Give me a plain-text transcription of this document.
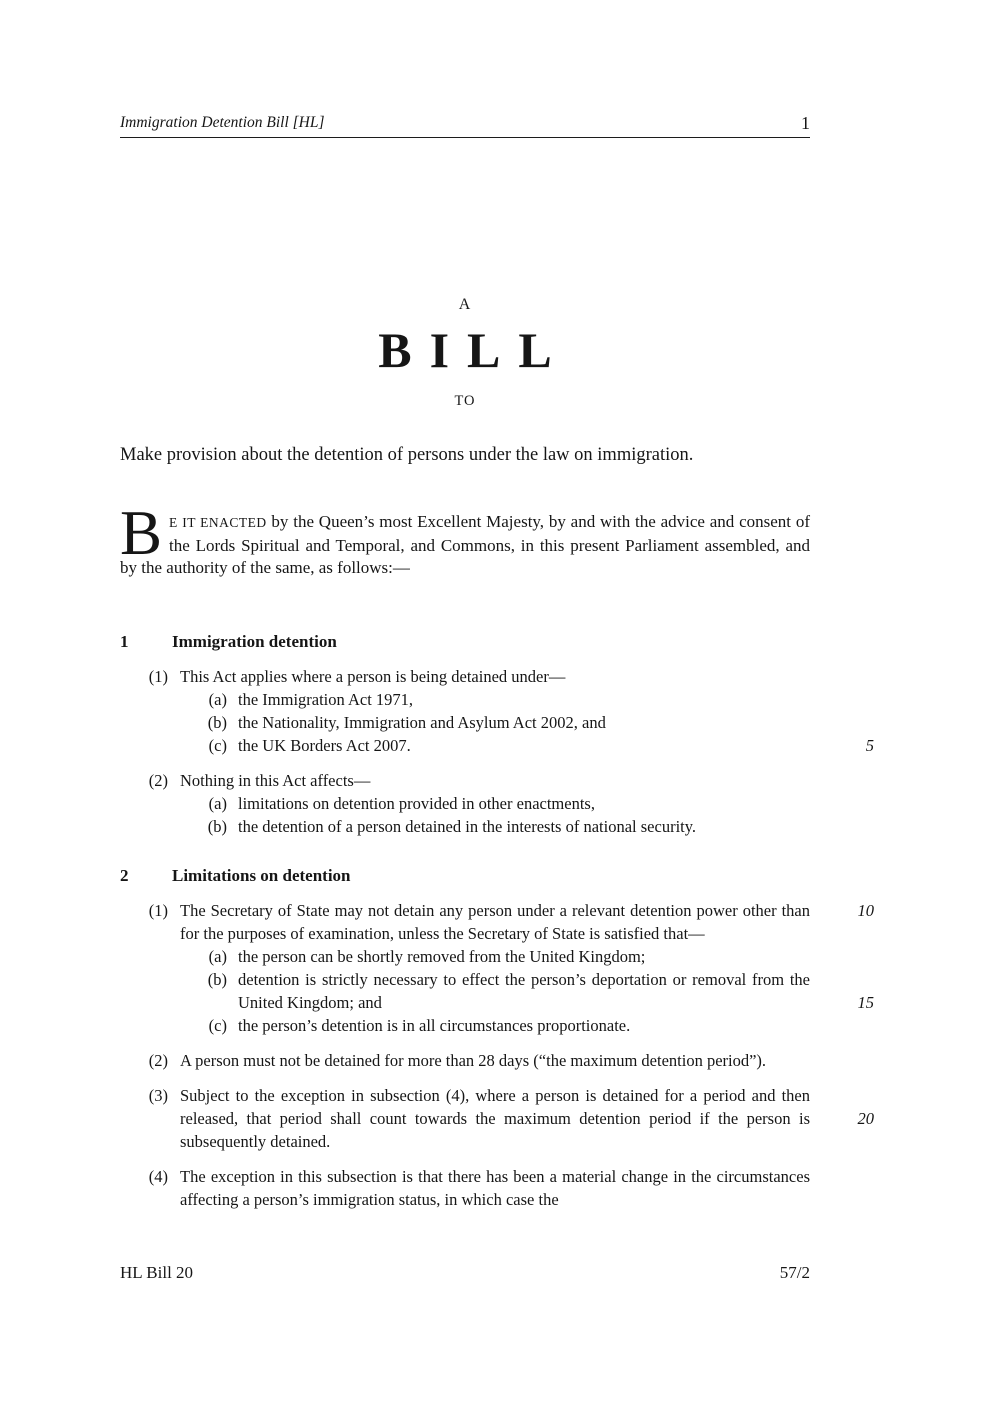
Immigration Detention Bill [HL]	1
A
BILL
TO
Make provision about the detention of persons under the law on immigration.

B E IT ENACTED by the Queen’s most Excellent Majesty, by and with the advice and consent of the Lords Spiritual and Temporal, and Commons, in this present Parliament assembled, and by the authority of the same, as follows:—

1	Immigration detention
(1) This Act applies where a person is being detained under—

(a) the Immigration Act 1971,
(b) the Nationality, Immigration and Asylum Act 2002, and
(c) the UK Borders Act 2007.	5
(2) Nothing in this Act affects—

(a) limitations on detention provided in other enactments,
(b) the detention of a person detained in the interests of national security.
2	Limitations on detention
(1) The Secretary of State may not detain any person under a relevant detention power other than for the purposes of examination, unless the Secretary of State is satisfied that—

(a) the person can be shortly removed from the United Kingdom;
(b) detention is strictly necessary to effect the person’s deportation or removal from the United Kingdom; and	15
(c) the person’s detention is in all circumstances proportionate.
10
(2) A person must not be detained for more than 28 days (“the maximum detention period”).

(3) Subject to the exception in subsection (4), where a person is detained for a period and then released, that period shall count towards the maximum detention period if the person is subsequently detained.

20
(4) The exception in this subsection is that there has been a material change in the circumstances affecting a person’s immigration status, in which case the

HL Bill 20	57/2
